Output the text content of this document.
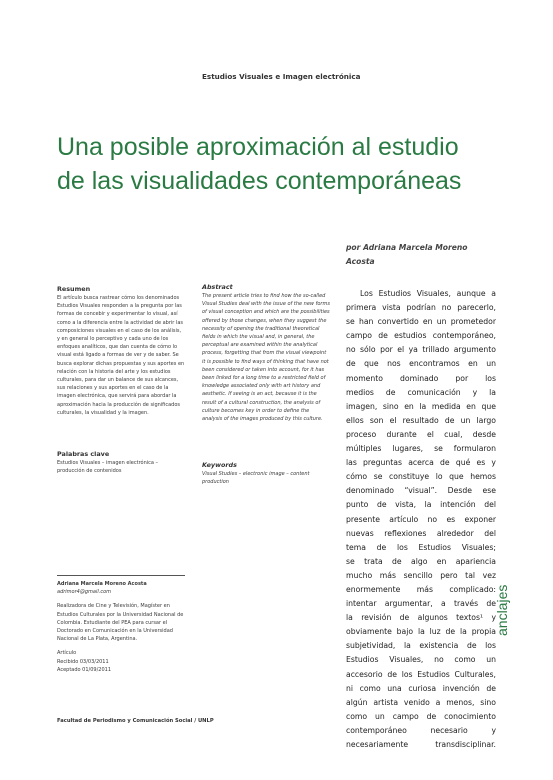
Estudios Visuales e Imagen electrónica
Una posible aproximación al estudio
de las visualidades contemporáneas
por Adriana Marcela Moreno Acosta
Resumen
El artículo busca rastrear cómo los denominados Estudios Visuales responden a la pregunta por las formas de concebir y experimentar lo visual, así como a la diferencia entre la actividad de abrir las composiciones visuales en el caso de los análisis, y en general lo perceptivo y cada uno de los enfoques analíticos, que dan cuenta de cómo lo visual está ligado a formas de ver y de saber. Se busca explorar dichas propuestas y sus aportes en relación con la historia del arte y los estudios culturales, para dar un balance de sus alcances, sus relaciones y sus aportes en el caso de la imagen electrónica, que servirá para abordar la aproximación hacia la producción de significados culturales, la visualidad y la imagen.
Palabras clave
Estudios Visuales – imagen electrónica – producción de contenidos
Abstract
The present article tries to find how the so-called Visual Studies deal with the issue of the new forms of visual conception and which are the possibilities offered by those changes, when they suggest the necessity of opening the traditional theoretical fields in which the visual and, in general, the perceptual are examined within the analytical process, forgetting that from the visual viewpoint it is possible to find ways of thinking that have not been considered or taken into account, for it has been linked for a long time to a restricted field of knowledge associated only with art history and aesthetic. If seeing is an act, because it is the result of a cultural construction, the analysis of culture becomes key in order to define the analysis of the images produced by this culture.
Keywords
Visual Studies – electronic image – content production
Los Estudios Visuales, aunque a
primera vista podrían no parecerlo,
se han convertido en un prometedor
campo de estudios contemporáneo,
no sólo por el ya trillado argumento
de que nos encontramos en un
momento dominado por los
medios de comunicación y la
imagen, sino en la medida en que
ellos son el resultado de un largo
proceso durante el cual, desde
múltiples lugares, se formularon
las preguntas acerca de qué es y
cómo se constituye lo que hemos
denominado “visual”. Desde ese
punto de vista, la intención del
presente artículo no es exponer
nuevas reflexiones alrededor del
tema de los Estudios Visuales;
se trata de algo en apariencia
mucho más sencillo pero tal vez
enormemente más complicado:
intentar argumentar, a través de
la revisión de algunos textos¹ y
obviamente bajo la luz de la propia
subjetividad, la existencia de los
Estudios Visuales, no como un
accesorio de los Estudios Culturales,
ni como una curiosa invención de
algún artista venido a menos, sino
como un campo de conocimiento
contemporáneo necesario y
necesariamente transdisciplinar.
Adriana Marcela Moreno Acosta
adrimor4@gmail.com
Realizadora de Cine y Televisión, Magíster en Estudios Culturales por la Universidad Nacional de Colombia. Estudiante del PEA para cursar el Doctorado en Comunicación en la Universidad Nacional de La Plata, Argentina.
Artículo
Recibido 03/03/2011
Aceptado 01/09/2011
Facultad de Periodismo y Comunicación Social / UNLP
anclajes
